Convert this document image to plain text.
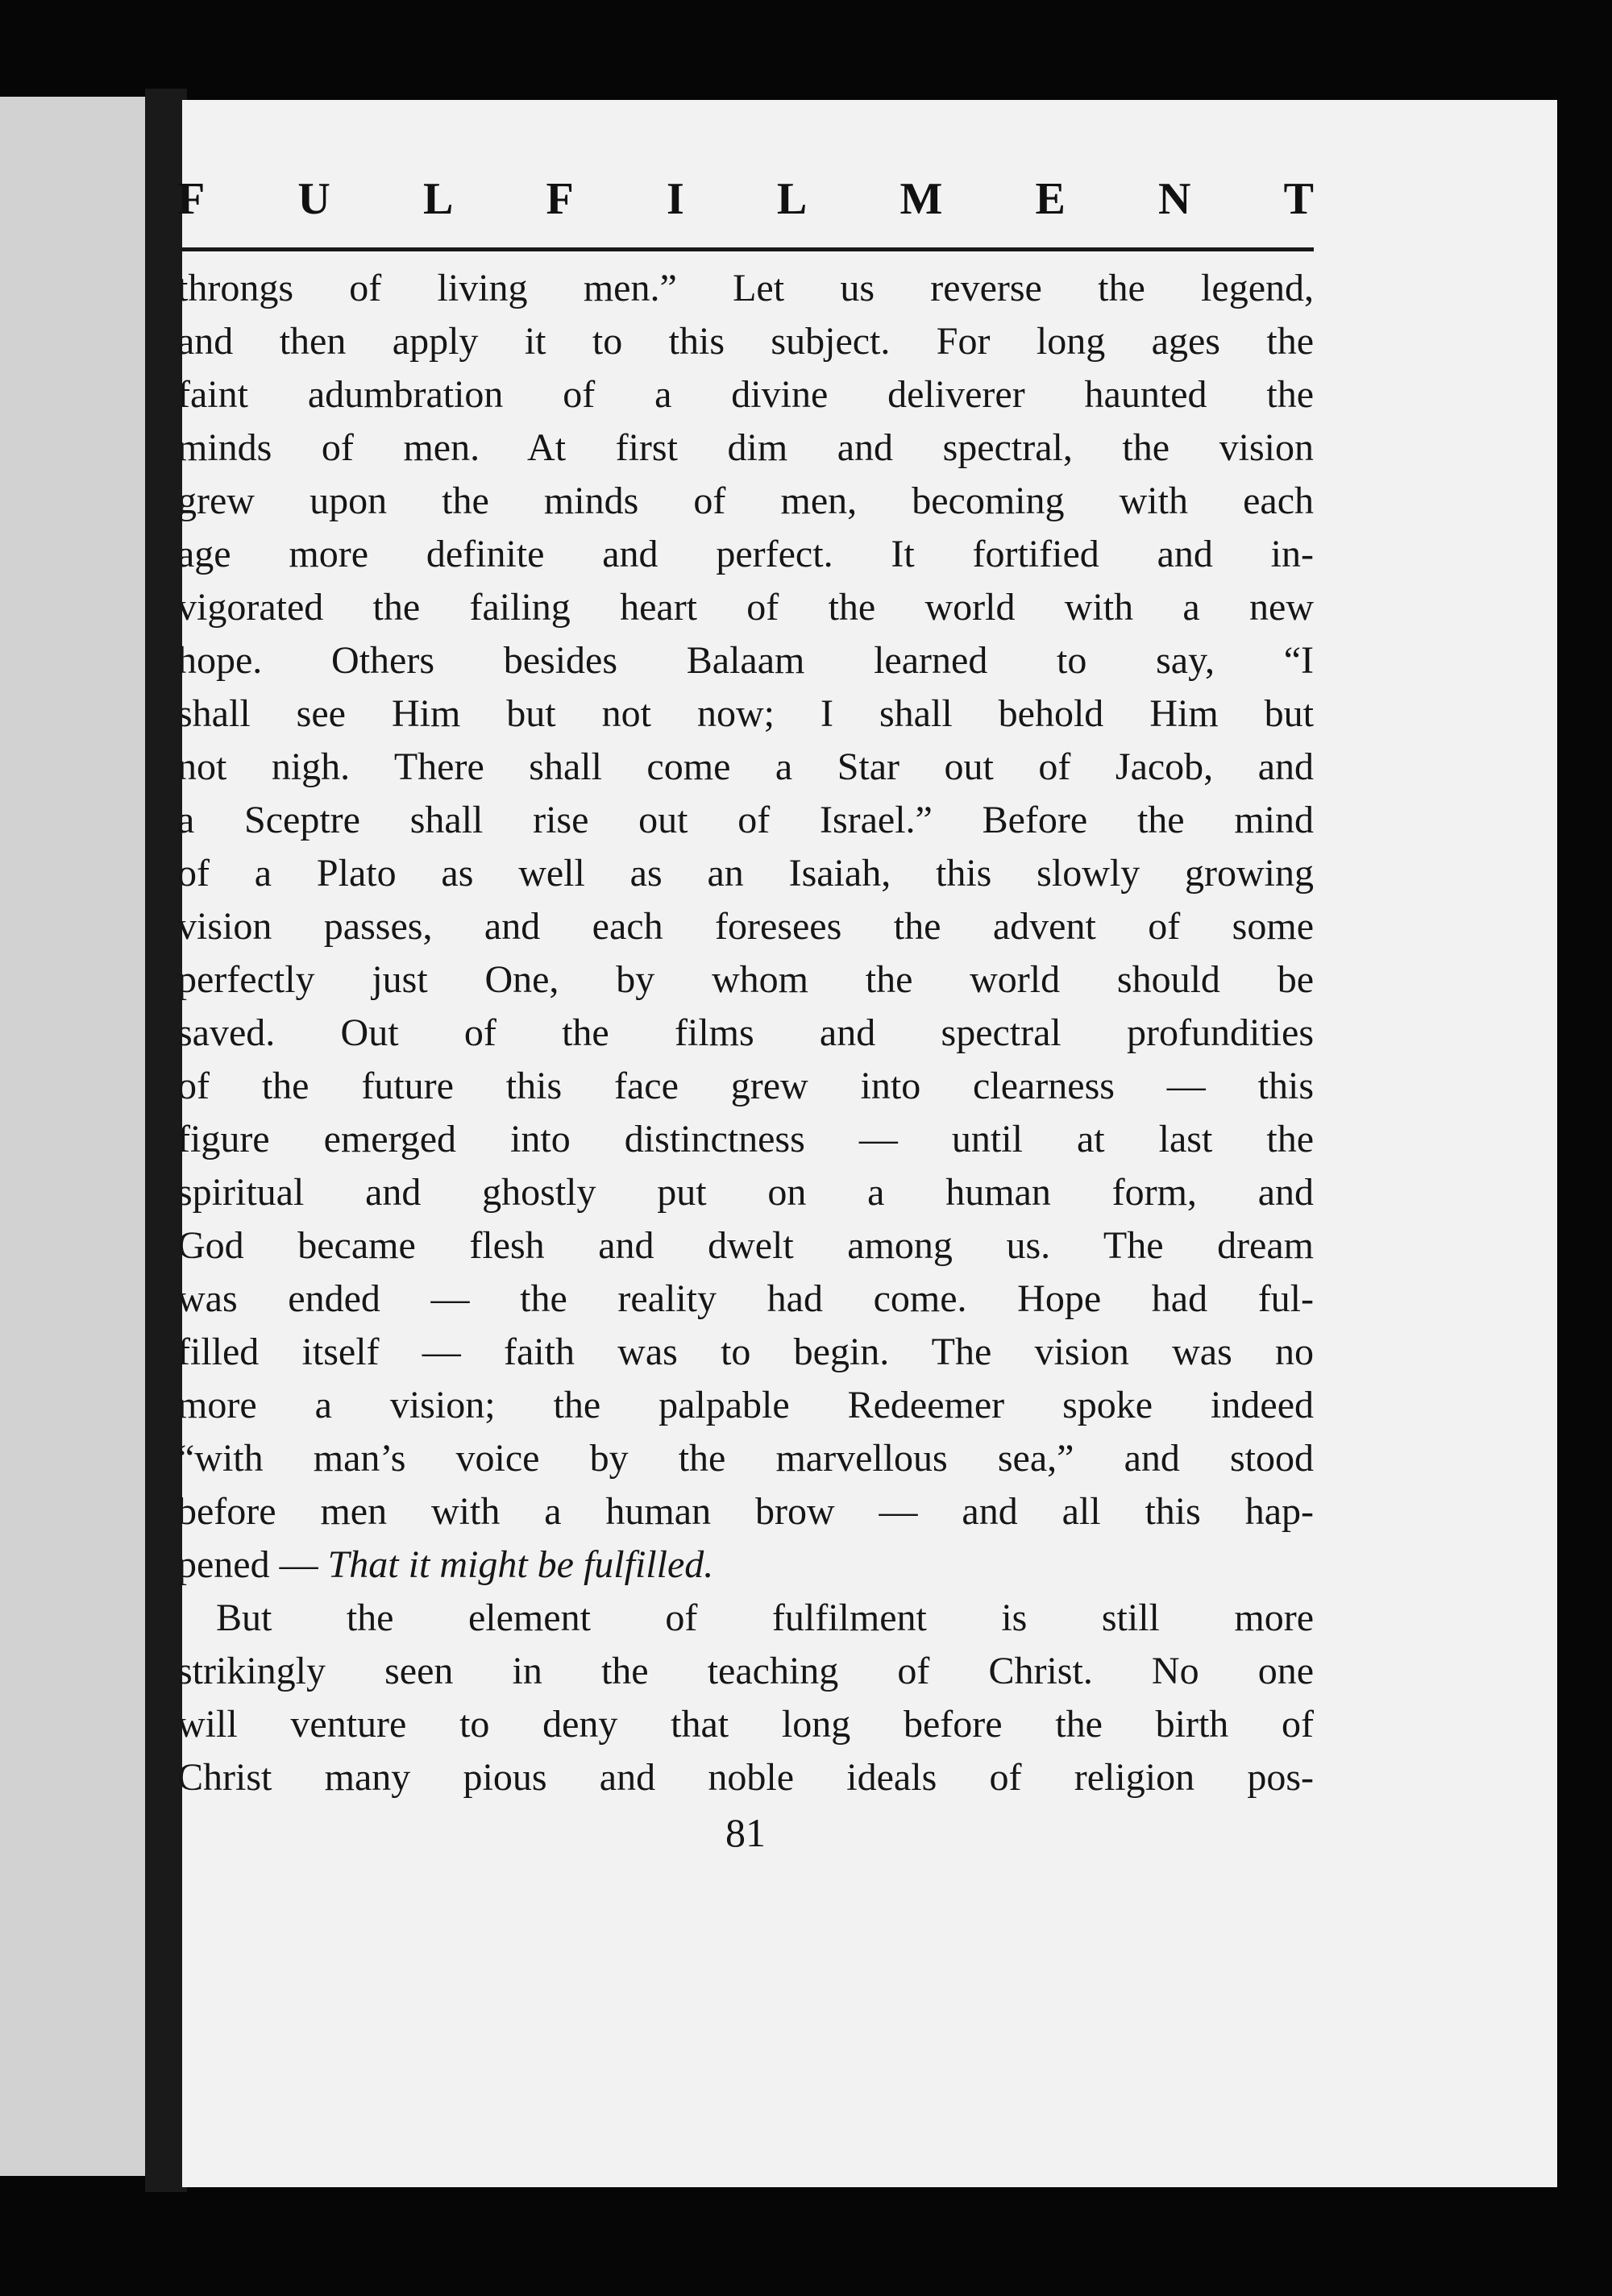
F U L F I L M E N T
throngs of living men.” Let us reverse the legend,
and then apply it to this subject. For long ages the
faint adumbration of a divine deliverer haunted the
minds of men. At first dim and spectral, the vision
grew upon the minds of men, becoming with each
age more definite and perfect. It fortified and in-
vigorated the failing heart of the world with a new
hope. Others besides Balaam learned to say, “I
shall see Him but not now; I shall behold Him but
not nigh. There shall come a Star out of Jacob, and
a Sceptre shall rise out of Israel.” Before the mind
of a Plato as well as an Isaiah, this slowly growing
vision passes, and each foresees the advent of some
perfectly just One, by whom the world should be
saved. Out of the films and spectral profundities
of the future this face grew into clearness — this
figure emerged into distinctness — until at last the
spiritual and ghostly put on a human form, and
God became flesh and dwelt among us. The dream
was ended — the reality had come. Hope had ful-
filled itself — faith was to begin. The vision was no
more a vision; the palpable Redeemer spoke indeed
“with man’s voice by the marvellous sea,” and stood
before men with a human brow — and all this hap-
pened — That it might be fulfilled.
But the element of fulfilment is still more
strikingly seen in the teaching of Christ. No one
will venture to deny that long before the birth of
Christ many pious and noble ideals of religion pos-
81
